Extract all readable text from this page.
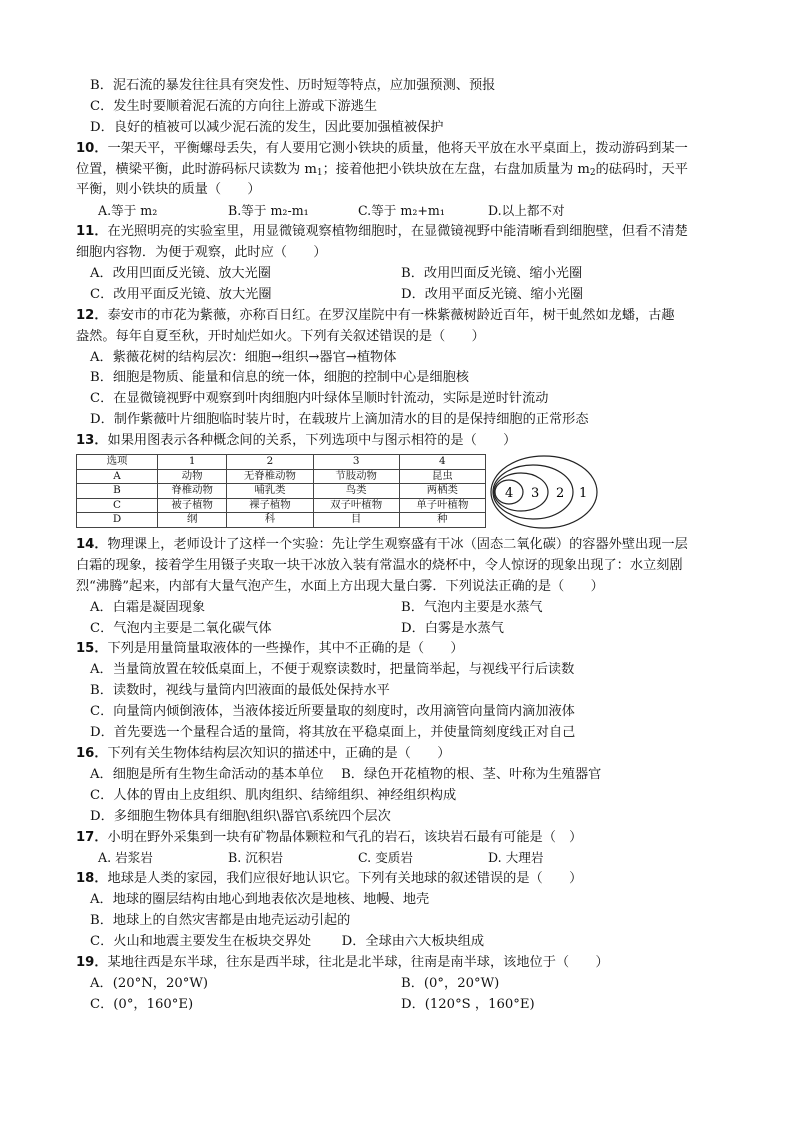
B．泥石流的暴发往往具有突发性、历时短等特点，应加强预测、预报
C．发生时要顺着泥石流的方向往上游或下游逃生
D．良好的植被可以减少泥石流的发生，因此要加强植被保护
10．一架天平，平衡螺母丢失，有人要用它测小铁块的质量，他将天平放在水平桌面上，拨动游码到某一
位置，横梁平衡，此时游码标尺读数为 $m_1$；接着他把小铁块放在左盘，右盘加质量为 $m_2$的砝码时，天平
平衡，则小铁块的质量（　　）
A.等于 m₂	B.等于 m₂-m₁	C.等于 m₂+m₁	D.以上都不对
11．在光照明亮的实验室里，用显微镜观察植物细胞时，在显微镜视野中能清晰看到细胞壁，但看不清楚
细胞内容物．为便于观察，此时应（　　）
A．改用凹面反光镜、放大光圈	B．改用凹面反光镜、缩小光圈
C．改用平面反光镜、放大光圈	D．改用平面反光镜、缩小光圈
12．泰安市的市花为紫薇，亦称百日红。在罗汉崖院中有一株紫薇树龄近百年，树干虬然如龙蟠，古趣
盎然。每年自夏至秋，开时灿烂如火。下列有关叙述错误的是（　　）
A．紫薇花树的结构层次：细胞→组织→器官→植物体
B．细胞是物质、能量和信息的统一体，细胞的控制中心是细胞核
C．在显微镜视野中观察到叶肉细胞内叶绿体呈顺时针流动，实际是逆时针流动
D．制作紫薇叶片细胞临时装片时，在载玻片上滴加清水的目的是保持细胞的正常形态
13．如果用图表示各种概念间的关系，下列选项中与图示相符的是（　　）
选项	1	2	3	4
A	动物	无脊椎动物	节肢动物	昆虫
B	脊椎动物	哺乳类	鸟类	两栖类
C	被子植物	裸子植物	双子叶植物	单子叶植物
D	纲	科	目	种
4 3 2 1
14．物理课上，老师设计了这样一个实验：先让学生观察盛有干冰（固态二氧化碳）的容器外壁出现一层
白霜的现象，接着学生用镊子夹取一块干冰放入装有常温水的烧杯中，令人惊讶的现象出现了：水立刻剧
烈“沸腾”起来，内部有大量气泡产生，水面上方出现大量白雾．下列说法正确的是（　　）
A．白霜是凝固现象	B．气泡内主要是水蒸气
C．气泡内主要是二氧化碳气体	D．白雾是水蒸气
15．下列是用量筒量取液体的一些操作，其中不正确的是（　　）
A．当量筒放置在较低桌面上，不便于观察读数时，把量筒举起，与视线平行后读数
B．读数时，视线与量筒内凹液面的最低处保持水平
C．向量筒内倾倒液体，当液体接近所要量取的刻度时，改用滴管向量筒内滴加液体
D．首先要选一个量程合适的量筒，将其放在平稳桌面上，并使量筒刻度线正对自己
16．下列有关生物体结构层次知识的描述中，正确的是（　　）
A．细胞是所有生物生命活动的基本单位　 B．绿色开花植物的根、茎、叶称为生殖器官
C．人体的胃由上皮组织、肌肉组织、结缔组织、神经组织构成
D．多细胞生物体具有细胞\组织\器官\系统四个层次
17．小明在野外采集到一块有矿物晶体颗粒和气孔的岩石，该块岩石最有可能是（　）
A. 岩浆岩	B. 沉积岩	C. 变质岩	D. 大理岩
18．地球是人类的家园，我们应很好地认识它。下列有关地球的叙述错误的是（　　）
A．地球的圈层结构由地心到地表依次是地核、地幔、地壳
B．地球上的自然灾害都是由地壳运动引起的
C．火山和地震主要发生在板块交界处　　 D．全球由六大板块组成
19．某地往西是东半球，往东是西半球，往北是北半球，往南是南半球，该地位于（　　）
A．(20°N，20°W)	B．(0°，20°W)
C．(0°，160°E)	D．(120°S ，160°E)
